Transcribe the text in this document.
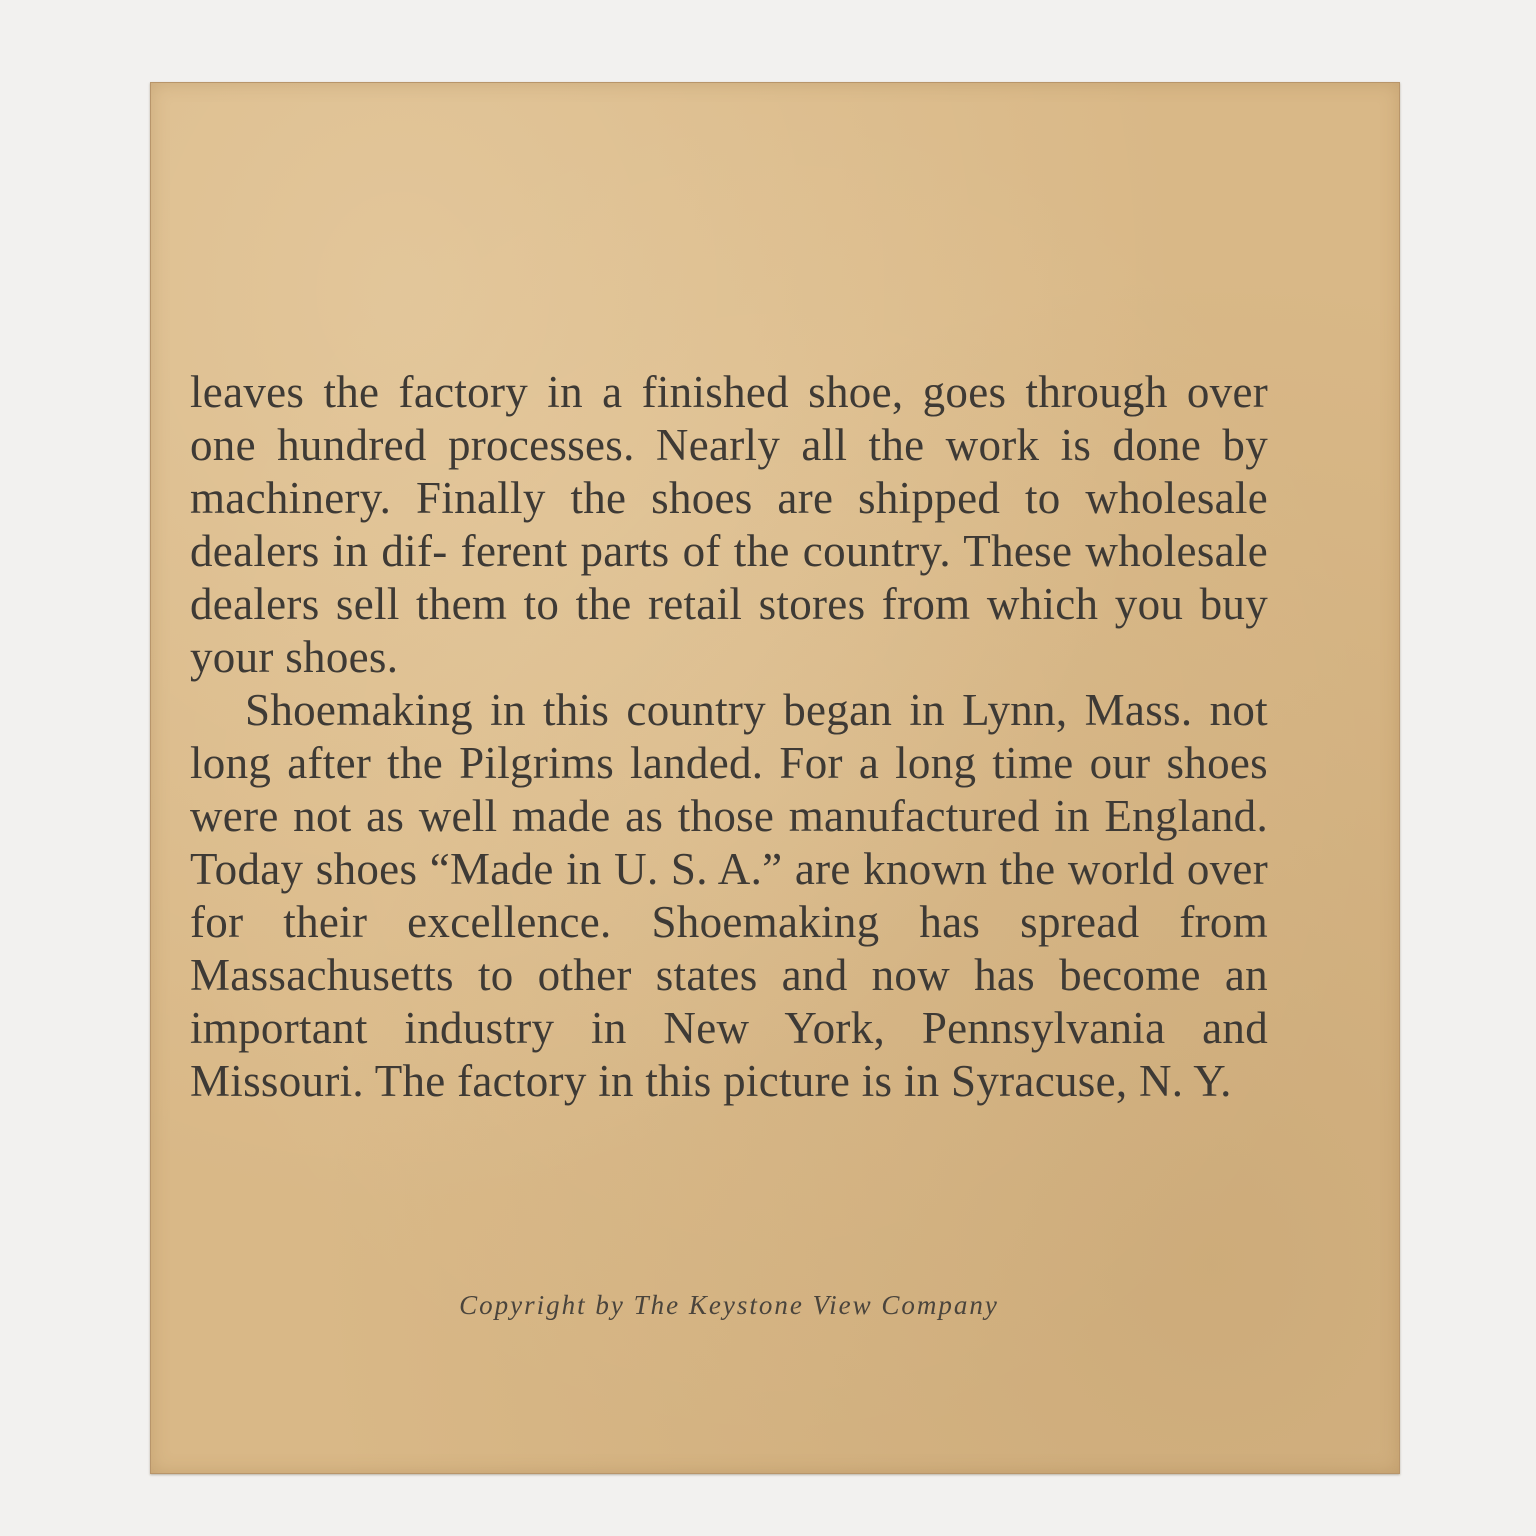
leaves the factory in a finished shoe, goes through over one hundred processes. Nearly all the work is done by machinery. Finally the shoes are shipped to wholesale dealers in dif- ferent parts of the country. These wholesale dealers sell them to the retail stores from which you buy your shoes.

Shoemaking in this country began in Lynn, Mass. not long after the Pilgrims landed. For a long time our shoes were not as well made as those manufactured in England. Today shoes “Made in U. S. A.” are known the world over for their excellence. Shoemaking has spread from Massachusetts to other states and now has become an important industry in New York, Pennsylvania and Missouri. The factory in this picture is in Syracuse, N. Y.

Copyright by The Keystone View Company
